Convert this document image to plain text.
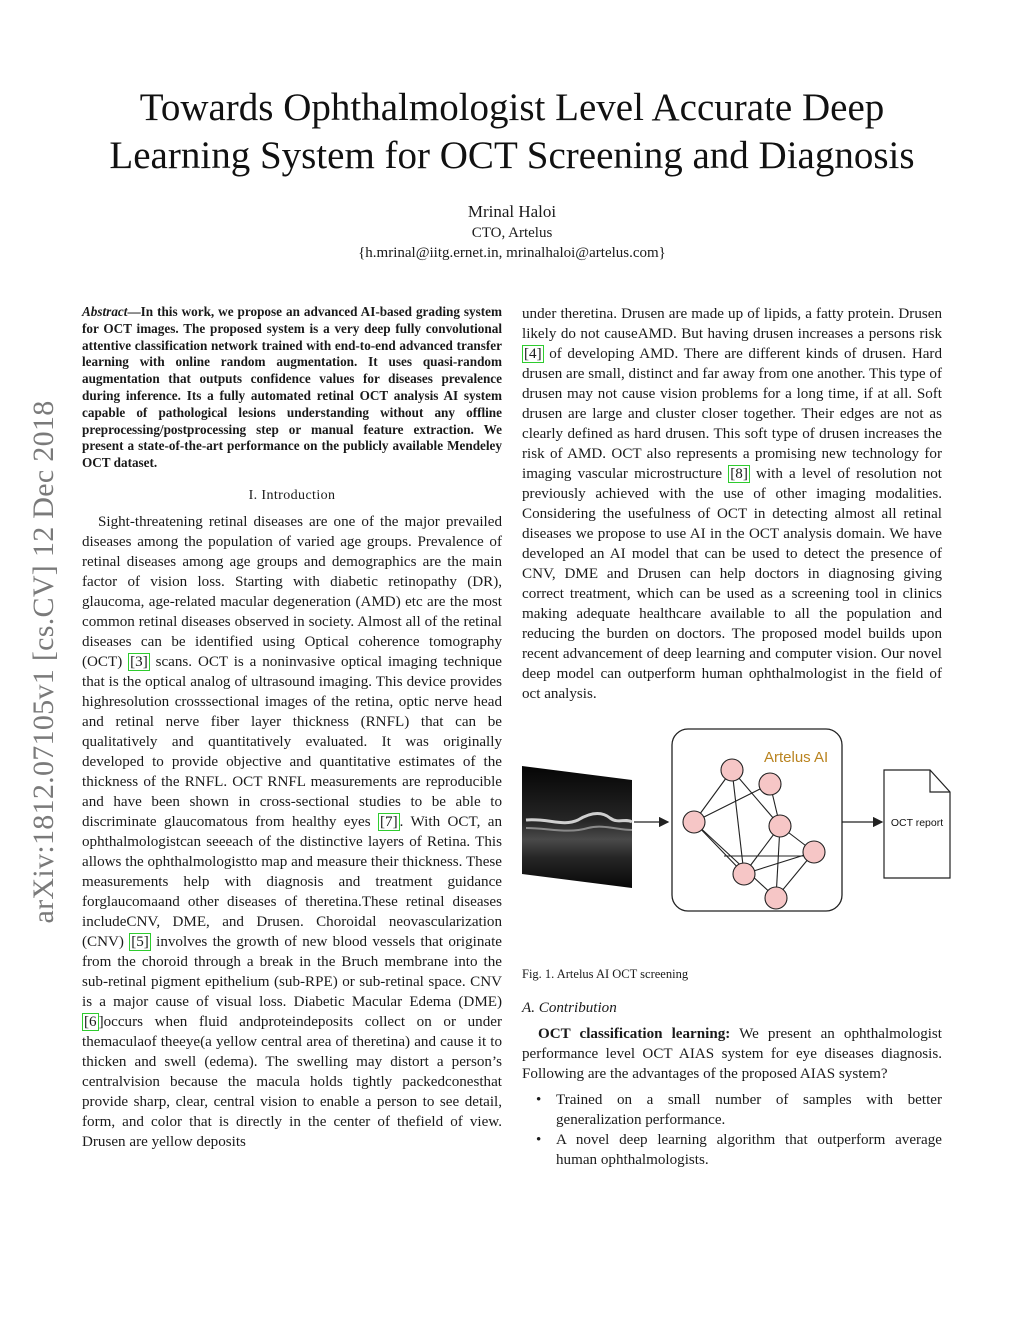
arXiv:1812.07105v1 [cs.CV] 12 Dec 2018
Towards Ophthalmologist Level Accurate Deep
Learning System for OCT Screening and Diagnosis

Mrinal Haloi

CTO, Artelus

{h.mrinal@iitg.ernet.in, mrinalhaloi@artelus.com}

Abstract—In this work, we propose an advanced AI-based grading system for OCT images. The proposed system is a very deep fully convolutional attentive classification network trained with end-to-end advanced transfer learning with online random augmentation. It uses quasi-random augmentation that outputs confidence values for diseases prevalence during inference. Its a fully automated retinal OCT analysis AI system capable of pathological lesions understanding without any offline preprocessing/postprocessing step or manual feature extraction. We present a state-of-the-art performance on the publicly available Mendeley OCT dataset.

I. Introduction

Sight-threatening retinal diseases are one of the major prevailed diseases among the population of varied age groups. Prevalence of retinal diseases among age groups and demographics are the main factor of vision loss. Starting with diabetic retinopathy (DR), glaucoma, age-related macular degeneration (AMD) etc are the most common retinal diseases observed in society. Almost all of the retinal diseases can be identified using Optical coherence tomography (OCT) [3] scans. OCT is a noninvasive optical imaging technique that is the optical analog of ultrasound imaging. This device provides highresolution crosssectional images of the retina, optic nerve head and retinal nerve fiber layer thickness (RNFL) that can be qualitatively and quantitatively evaluated. It was originally developed to provide objective and quantitative estimates of the thickness of the RNFL. OCT RNFL measurements are reproducible and have been shown in cross-sectional studies to be able to discriminate glaucomatous from healthy eyes [7] . With OCT, an ophthalmologistcan seeeach of the distinctive layers of Retina. This allows the ophthalmologistto map and measure their thickness. These measurements help with diagnosis and treatment guidance forglaucomaand other diseases of theretina.These retinal diseases includeCNV, DME, and Drusen. Choroidal neovascularization (CNV) [5] involves the growth of new blood vessels that originate from the choroid through a break in the Bruch membrane into the sub-retinal pigment epithelium (sub-RPE) or sub-retinal space. CNV is a major cause of visual loss. Diabetic Macular Edema (DME) [6 ]occurs when fluid andproteindeposits collect on or under themaculaof theeye(a yellow central area of theretina) and cause it to thicken and swell (edema). The swelling may distort a person’s centralvision because the macula holds tightly packedconesthat provide sharp, clear, central vision to enable a person to see detail, form, and color that is directly in the center of thefield of view. Drusen are yellow deposits

under theretina. Drusen are made up of lipids, a fatty protein. Drusen likely do not causeAMD. But having drusen increases a persons risk [4] of developing AMD. There are different kinds of drusen. Hard drusen are small, distinct and far away from one another. This type of drusen may not cause vision problems for a long time, if at all. Soft drusen are large and cluster closer together. Their edges are not as clearly defined as hard drusen. This soft type of drusen increases the risk of AMD. OCT also represents a promising new technology for imaging vascular microstructure [8] with a level of resolution not previously achieved with the use of other imaging modalities. Considering the usefulness of OCT in detecting almost all retinal diseases we propose to use AI in the OCT analysis domain. We have developed an AI model that can be used to detect the presence of CNV, DME and Drusen can help doctors in diagnosing giving correct treatment, which can be used as a screening tool in clinics making adequate healthcare available to all the population and reducing the burden on doctors. The proposed model builds upon recent advancement of deep learning and computer vision. Our novel deep model can outperform human ophthalmologist in the field of oct analysis.

Artelus AI
OCT report

Fig. 1. Artelus AI OCT screening

A. Contribution

OCT classification learning: We present an ophthalmologist performance level OCT AIAS system for eye diseases diagnosis. Following are the advantages of the proposed AIAS system?

• Trained on a small number of samples with better generalization performance.
• A novel deep learning algorithm that outperform average human ophthalmologists.
